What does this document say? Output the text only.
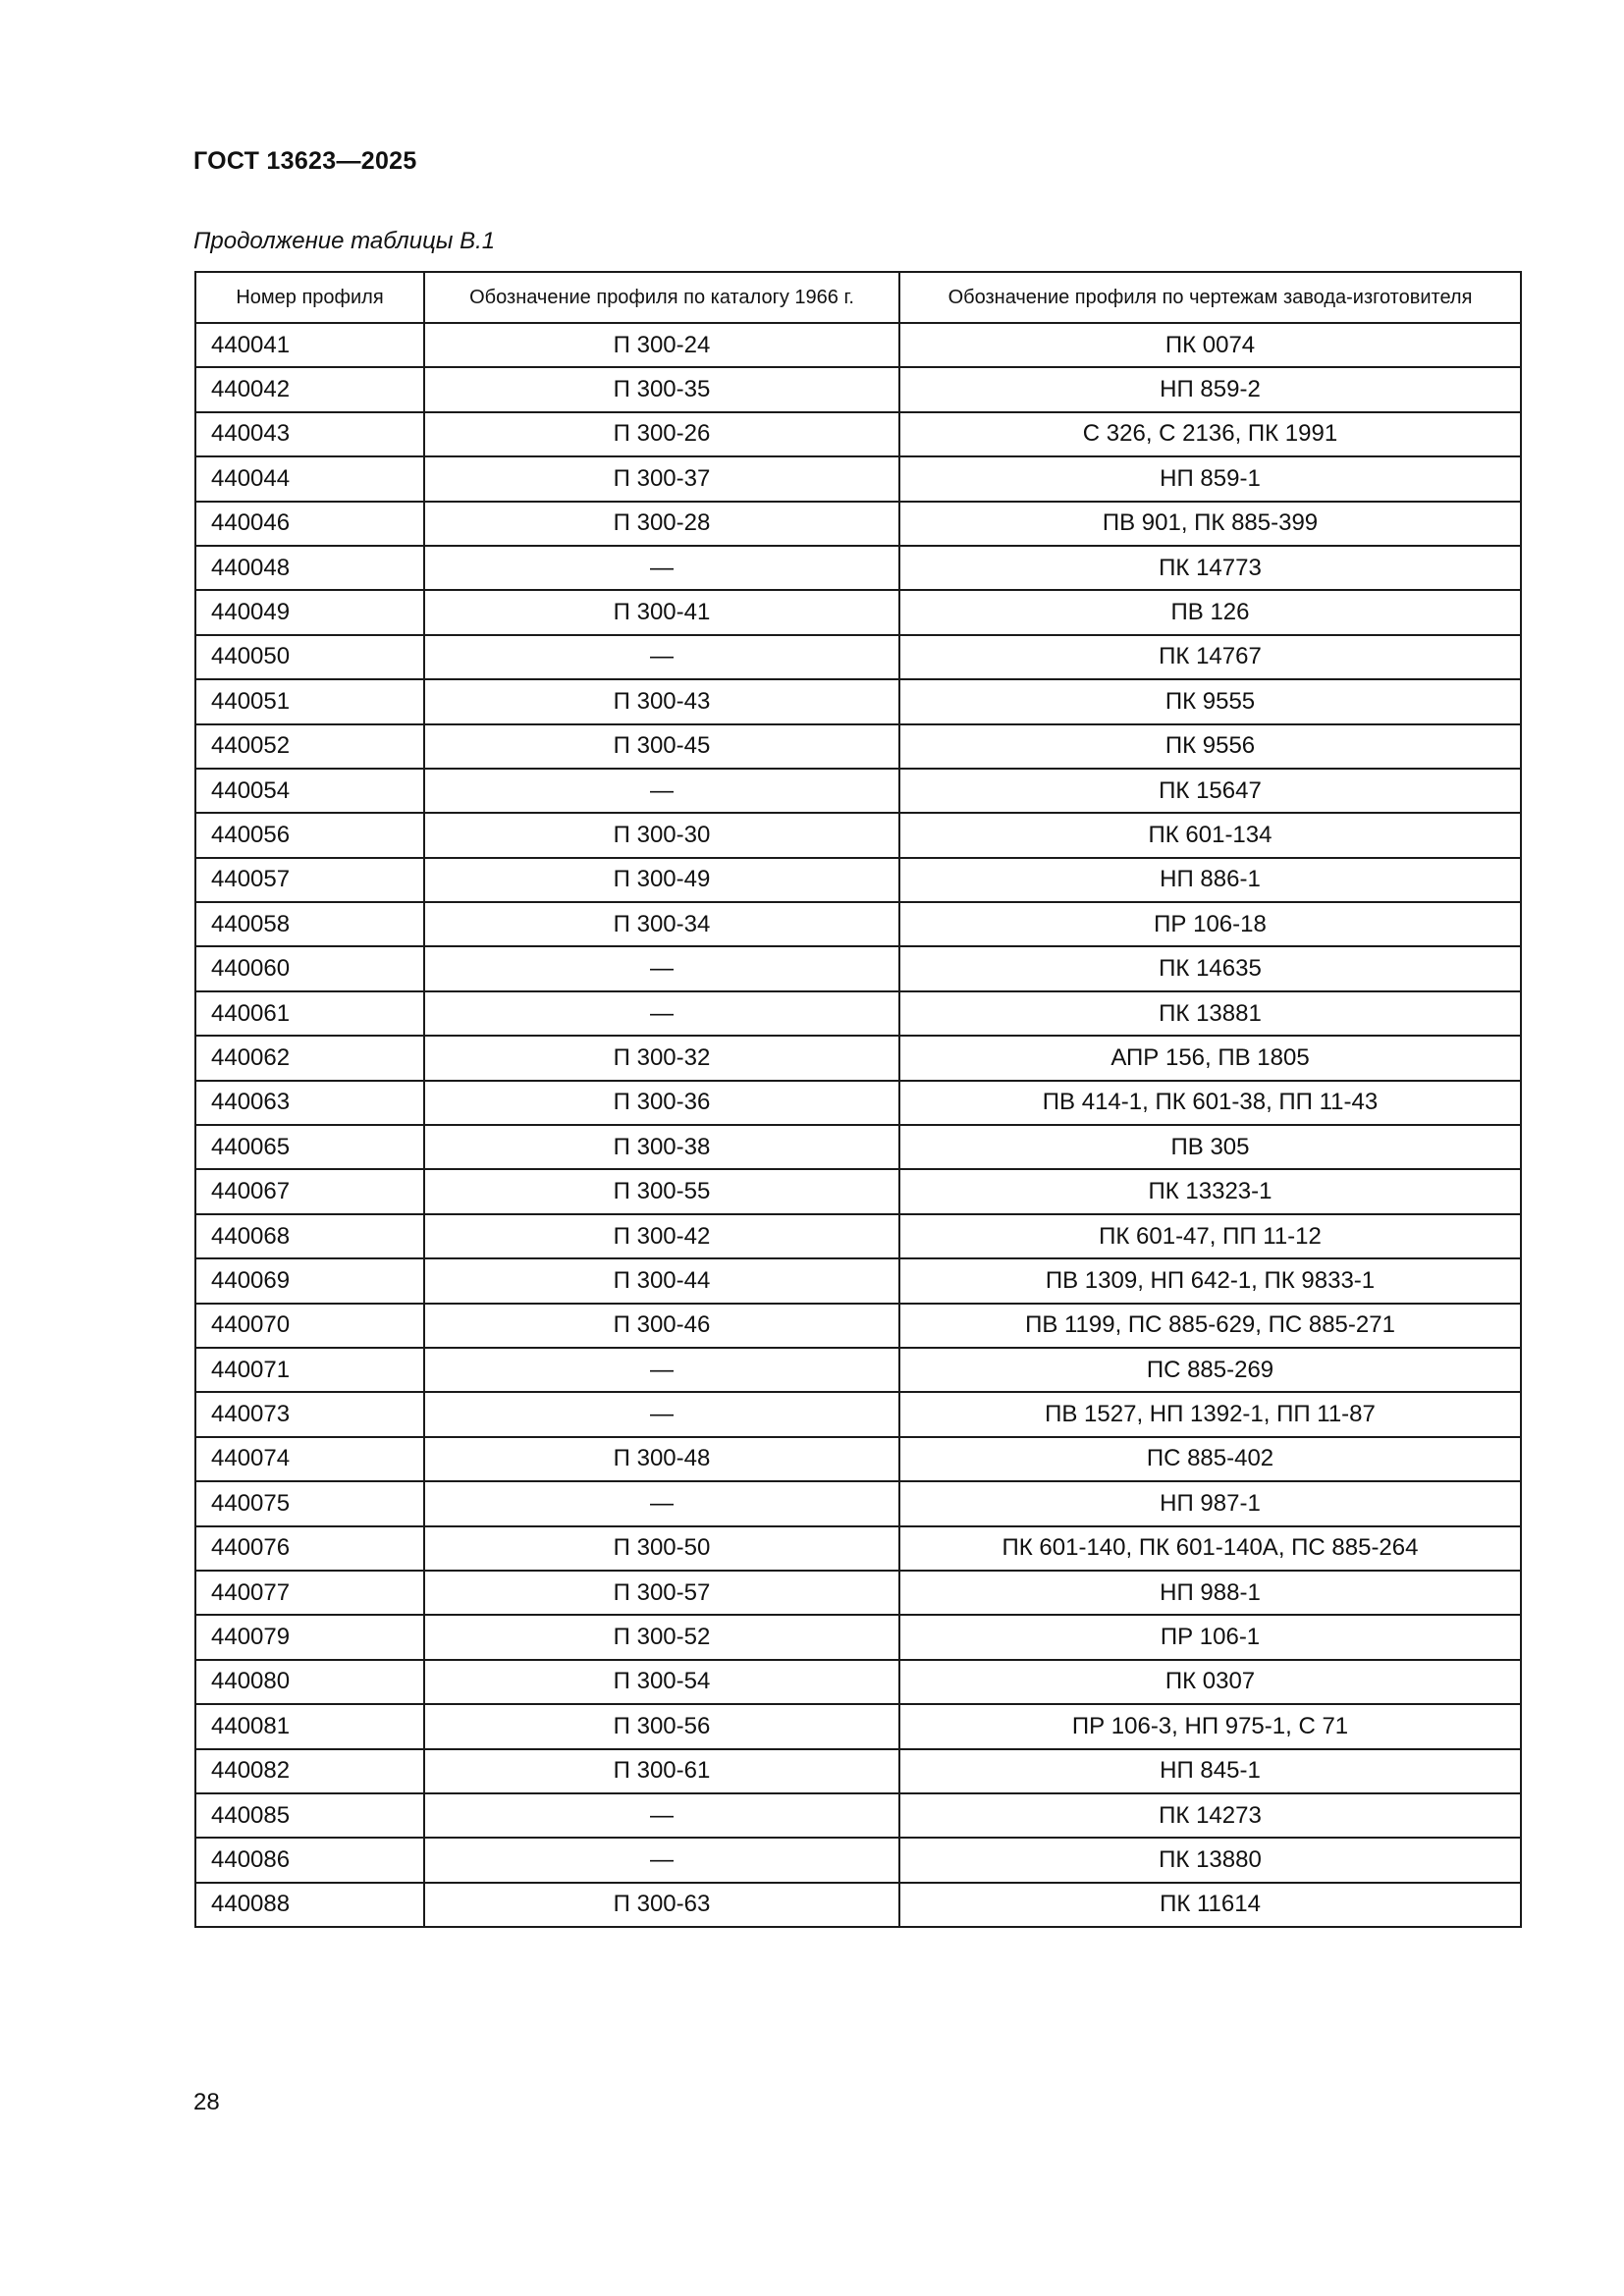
ГОСТ 13623—2025
Продолжение таблицы В.1
Номер профиля	Обозначение профиля по каталогу 1966 г.	Обозначение профиля по чертежам завода-изготовителя
440041	П 300-24	ПК 0074
440042	П 300-35	НП 859-2
440043	П 300-26	С 326, С 2136, ПК 1991
440044	П 300-37	НП 859-1
440046	П 300-28	ПВ 901, ПК 885-399
440048	—	ПК 14773
440049	П 300-41	ПВ 126
440050	—	ПК 14767
440051	П 300-43	ПК 9555
440052	П 300-45	ПК 9556
440054	—	ПК 15647
440056	П 300-30	ПК 601-134
440057	П 300-49	НП 886-1
440058	П 300-34	ПР 106-18
440060	—	ПК 14635
440061	—	ПК 13881
440062	П 300-32	АПР 156, ПВ 1805
440063	П 300-36	ПВ 414-1, ПК 601-38, ПП 11-43
440065	П 300-38	ПВ 305
440067	П 300-55	ПК 13323-1
440068	П 300-42	ПК 601-47, ПП 11-12
440069	П 300-44	ПВ 1309, НП 642-1, ПК 9833-1
440070	П 300-46	ПВ 1199, ПС 885-629, ПС 885-271
440071	—	ПС 885-269
440073	—	ПВ 1527, НП 1392-1, ПП 11-87
440074	П 300-48	ПС 885-402
440075	—	НП 987-1
440076	П 300-50	ПК 601-140, ПК 601-140А, ПС 885-264
440077	П 300-57	НП 988-1
440079	П 300-52	ПР 106-1
440080	П 300-54	ПК 0307
440081	П 300-56	ПР 106-3, НП 975-1, С 71
440082	П 300-61	НП 845-1
440085	—	ПК 14273
440086	—	ПК 13880
440088	П 300-63	ПК 11614
28
